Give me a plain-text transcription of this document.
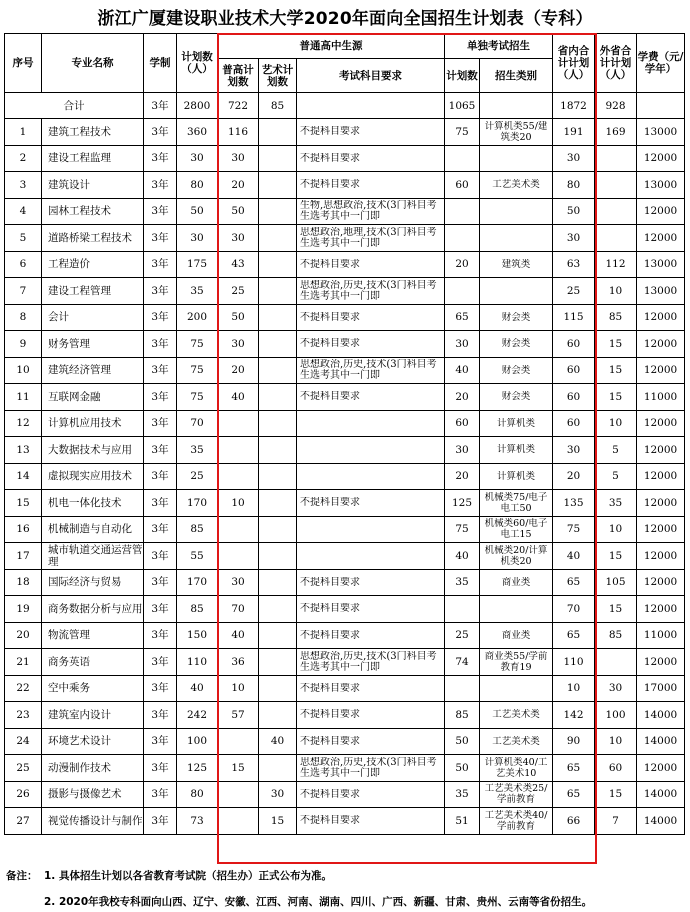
浙江广厦建设职业技术大学2020年面向全国招生计划表（专科）
序号	专业名称	学制	计划数（人）	普通高中生源			单独考试招生		省内合计计划（人）	外省合计计划（人）	学费（元/学年）
				普高计划数	艺术计划数	考试科目要求	计划数	招生类别			
合计		3年	2800	722	85		1065		1872	928	

1	建筑工程技术	3年	360	116		不提科目要求	75	计算机类55/建筑类20	191	169	13000

2	建设工程监理	3年	30	30		不提科目要求			30		12000

3	建筑设计	3年	80	20		不提科目要求	60	工艺美术类	80		13000

4	园林工程技术	3年	50	50		生物,思想政治,技术(3门科目考生选考其中一门即			50		12000

5	道路桥梁工程技术	3年	30	30		思想政治,地理,技术(3门科目考生选考其中一门即			30		12000

6	工程造价	3年	175	43		不提科目要求	20	建筑类	63	112	13000

7	建设工程管理	3年	35	25		思想政治,历史,技术(3门科目考生选考其中一门即			25	10	13000

8	会计	3年	200	50		不提科目要求	65	财会类	115	85	12000

9	财务管理	3年	75	30		不提科目要求	30	财会类	60	15	12000

10	建筑经济管理	3年	75	20		思想政治,历史,技术(3门科目考生选考其中一门即	40	财会类	60	15	12000

11	互联网金融	3年	75	40		不提科目要求	20	财会类	60	15	11000

12	计算机应用技术	3年	70				60	计算机类	60	10	12000

13	大数据技术与应用	3年	35				30	计算机类	30	5	12000

14	虚拟现实应用技术	3年	25				20	计算机类	20	5	12000

15	机电一体化技术	3年	170	10		不提科目要求	125	机械类75/电子电工50	135	35	12000

16	机械制造与自动化	3年	85				75	机械类60/电子电工15	75	10	12000

17	城市轨道交通运营管理	3年	55				40	机械类20/计算机类20	40	15	12000

18	国际经济与贸易	3年	170	30		不提科目要求	35	商业类	65	105	12000

19	商务数据分析与应用	3年	85	70		不提科目要求			70	15	12000

20	物流管理	3年	150	40		不提科目要求	25	商业类	65	85	11000

21	商务英语	3年	110	36		思想政治,历史,技术(3门科目考生选考其中一门即	74	商业类55/学前教育19	110		12000

22	空中乘务	3年	40	10		不提科目要求			10	30	17000

23	建筑室内设计	3年	242	57		不提科目要求	85	工艺美术类	142	100	14000

24	环境艺术设计	3年	100		40	不提科目要求	50	工艺美术类	90	10	14000

25	动漫制作技术	3年	125	15		思想政治,历史,技术(3门科目考生选考其中一门即	50	计算机类40/工艺美术10	65	60	12000

26	摄影与摄像艺术	3年	80		30	不提科目要求	35	工艺美术类25/学前教育	65	15	14000

27	视觉传播设计与制作	3年	73		15	不提科目要求	51	工艺美术类40/学前教育	66	7	14000
备注： 1. 具体招生计划以各省教育考试院（招生办）正式公布为准。
2. 2020年我校专科面向山西、辽宁、安徽、江西、河南、湖南、四川、广西、新疆、甘肃、贵州、云南等省份招生。
